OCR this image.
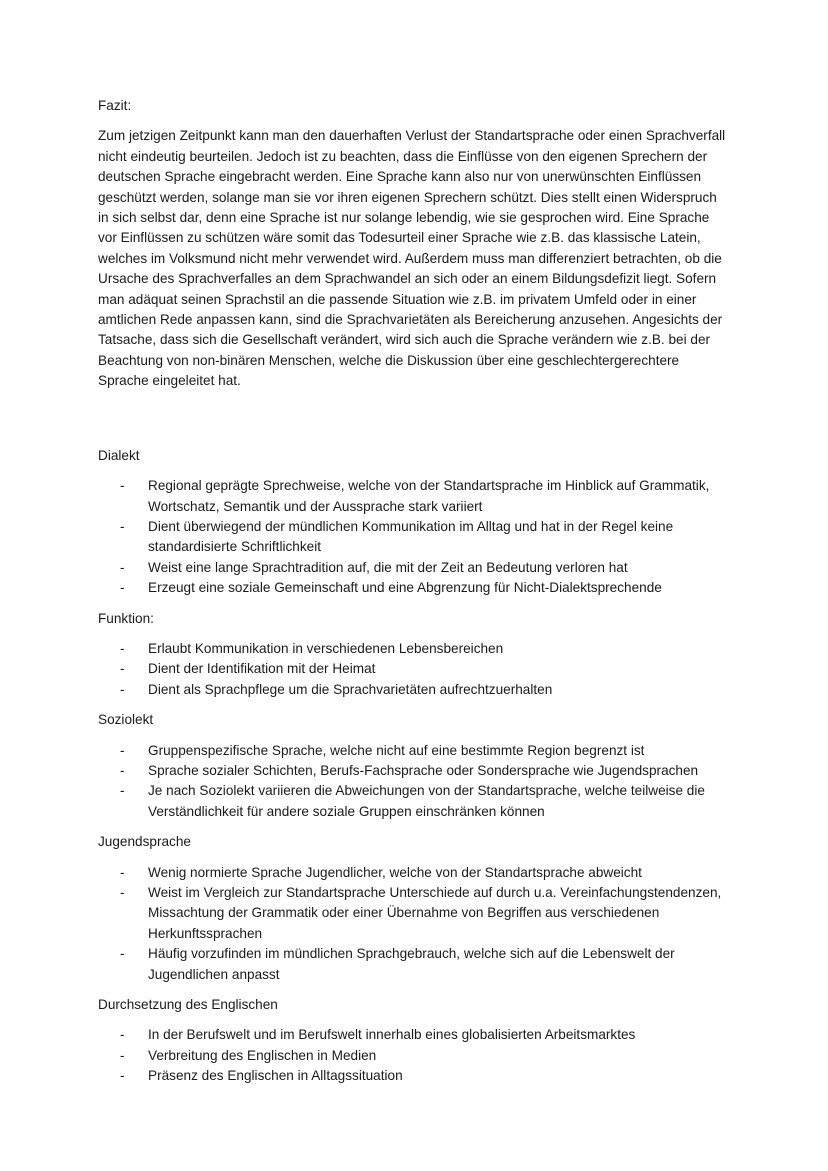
Fazit:

Zum jetzigen Zeitpunkt kann man den dauerhaften Verlust der Standartsprache oder einen Sprachverfall nicht eindeutig beurteilen. Jedoch ist zu beachten, dass die Einflüsse von den eigenen Sprechern der deutschen Sprache eingebracht werden. Eine Sprache kann also nur von unerwünschten Einflüssen geschützt werden, solange man sie vor ihren eigenen Sprechern schützt. Dies stellt einen Widerspruch in sich selbst dar, denn eine Sprache ist nur solange lebendig, wie sie gesprochen wird. Eine Sprache vor Einflüssen zu schützen wäre somit das Todesurteil einer Sprache wie z.B. das klassische Latein, welches im Volksmund nicht mehr verwendet wird. Außerdem muss man differenziert betrachten, ob die Ursache des Sprachverfalles an dem Sprachwandel an sich oder an einem Bildungsdefizit liegt. Sofern man adäquat seinen Sprachstil an die passende Situation wie z.B. im privatem Umfeld oder in einer amtlichen Rede anpassen kann, sind die Sprachvarietäten als Bereicherung anzusehen. Angesichts der Tatsache, dass sich die Gesellschaft verändert, wird sich auch die Sprache verändern wie z.B. bei der Beachtung von non-binären Menschen, welche die Diskussion über eine geschlechtergerechtere Sprache eingeleitet hat.

Dialekt

- Regional geprägte Sprechweise, welche von der Standartsprache im Hinblick auf Grammatik, Wortschatz, Semantik und der Aussprache stark variiert
- Dient überwiegend der mündlichen Kommunikation im Alltag und hat in der Regel keine standardisierte Schriftlichkeit
- Weist eine lange Sprachtradition auf, die mit der Zeit an Bedeutung verloren hat
- Erzeugt eine soziale Gemeinschaft und eine Abgrenzung für Nicht-Dialektsprechende

Funktion:

- Erlaubt Kommunikation in verschiedenen Lebensbereichen
- Dient der Identifikation mit der Heimat
- Dient als Sprachpflege um die Sprachvarietäten aufrechtzuerhalten

Soziolekt

- Gruppenspezifische Sprache, welche nicht auf eine bestimmte Region begrenzt ist
- Sprache sozialer Schichten, Berufs-Fachsprache oder Sondersprache wie Jugendsprachen
- Je nach Soziolekt variieren die Abweichungen von der Standartsprache, welche teilweise die Verständlichkeit für andere soziale Gruppen einschränken können

Jugendsprache

- Wenig normierte Sprache Jugendlicher, welche von der Standartsprache abweicht
- Weist im Vergleich zur Standartsprache Unterschiede auf durch u.a. Vereinfachungstendenzen, Missachtung der Grammatik oder einer Übernahme von Begriffen aus verschiedenen Herkunftssprachen
- Häufig vorzufinden im mündlichen Sprachgebrauch, welche sich auf die Lebenswelt der Jugendlichen anpasst

Durchsetzung des Englischen

- In der Berufswelt und im Berufswelt innerhalb eines globalisierten Arbeitsmarktes
- Verbreitung des Englischen in Medien
- Präsenz des Englischen in Alltagssituation
